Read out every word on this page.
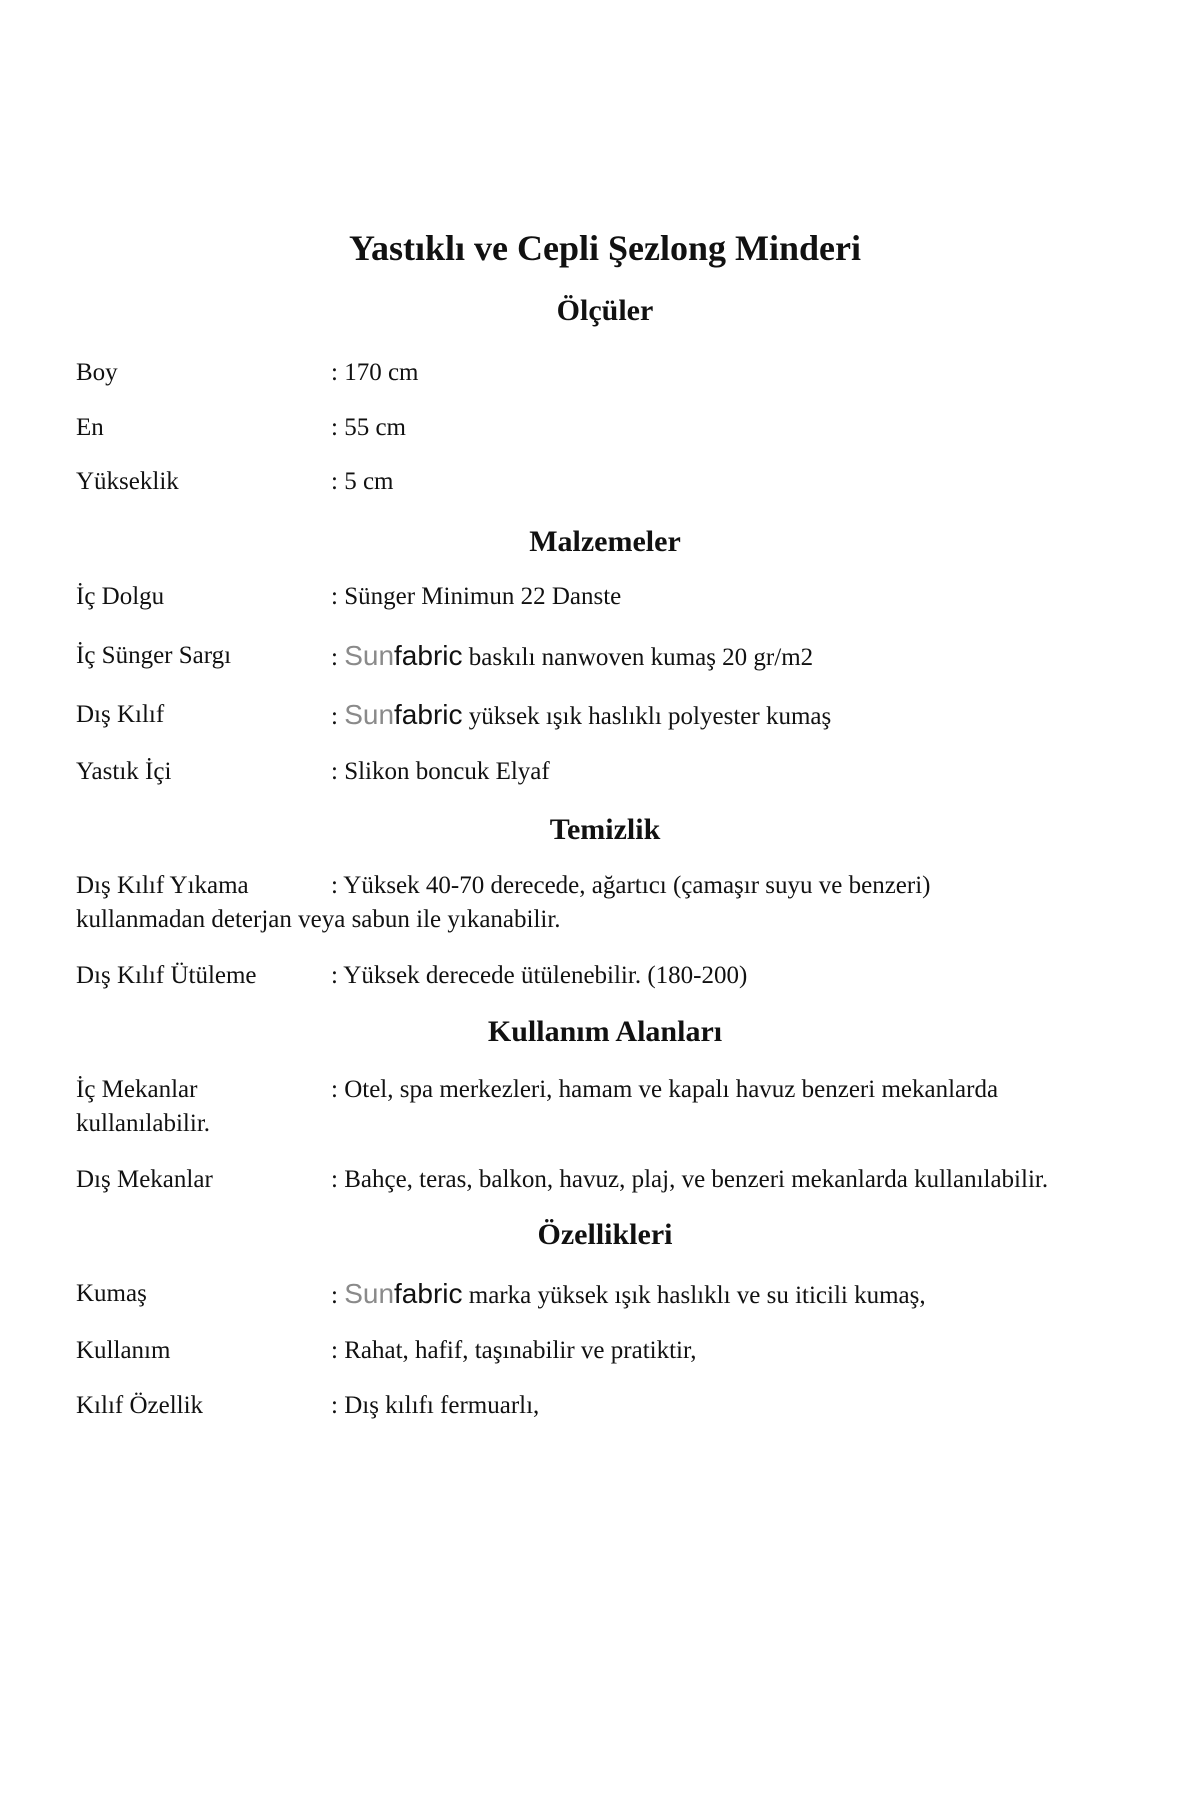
Yastıklı ve Cepli Şezlong Minderi
Ölçüler
Boy	: 170 cm
En	: 55 cm
Yükseklik	: 5 cm
Malzemeler
İç Dolgu	: Sünger Minimun 22 Danste
İç Sünger Sargı	: Sunfabric baskılı nanwoven kumaş 20 gr/m2
Dış Kılıf	: Sunfabric yüksek ışık haslıklı polyester kumaş
Yastık İçi	: Slikon boncuk Elyaf
Temizlik
Dış Kılıf Yıkama	: Yüksek 40-70 derecede, ağartıcı (çamaşır suyu ve benzeri)
kullanmadan deterjan veya sabun ile yıkanabilir.
Dış Kılıf Ütüleme	: Yüksek derecede ütülenebilir. (180-200)
Kullanım Alanları
İç Mekanlar	: Otel, spa merkezleri, hamam ve kapalı havuz benzeri mekanlarda
kullanılabilir.
Dış Mekanlar	: Bahçe, teras, balkon, havuz, plaj, ve benzeri mekanlarda kullanılabilir.
Özellikleri
Kumaş	: Sunfabric marka yüksek ışık haslıklı ve su iticili kumaş,
Kullanım	: Rahat, hafif, taşınabilir ve pratiktir,
Kılıf Özellik	: Dış kılıfı fermuarlı,
